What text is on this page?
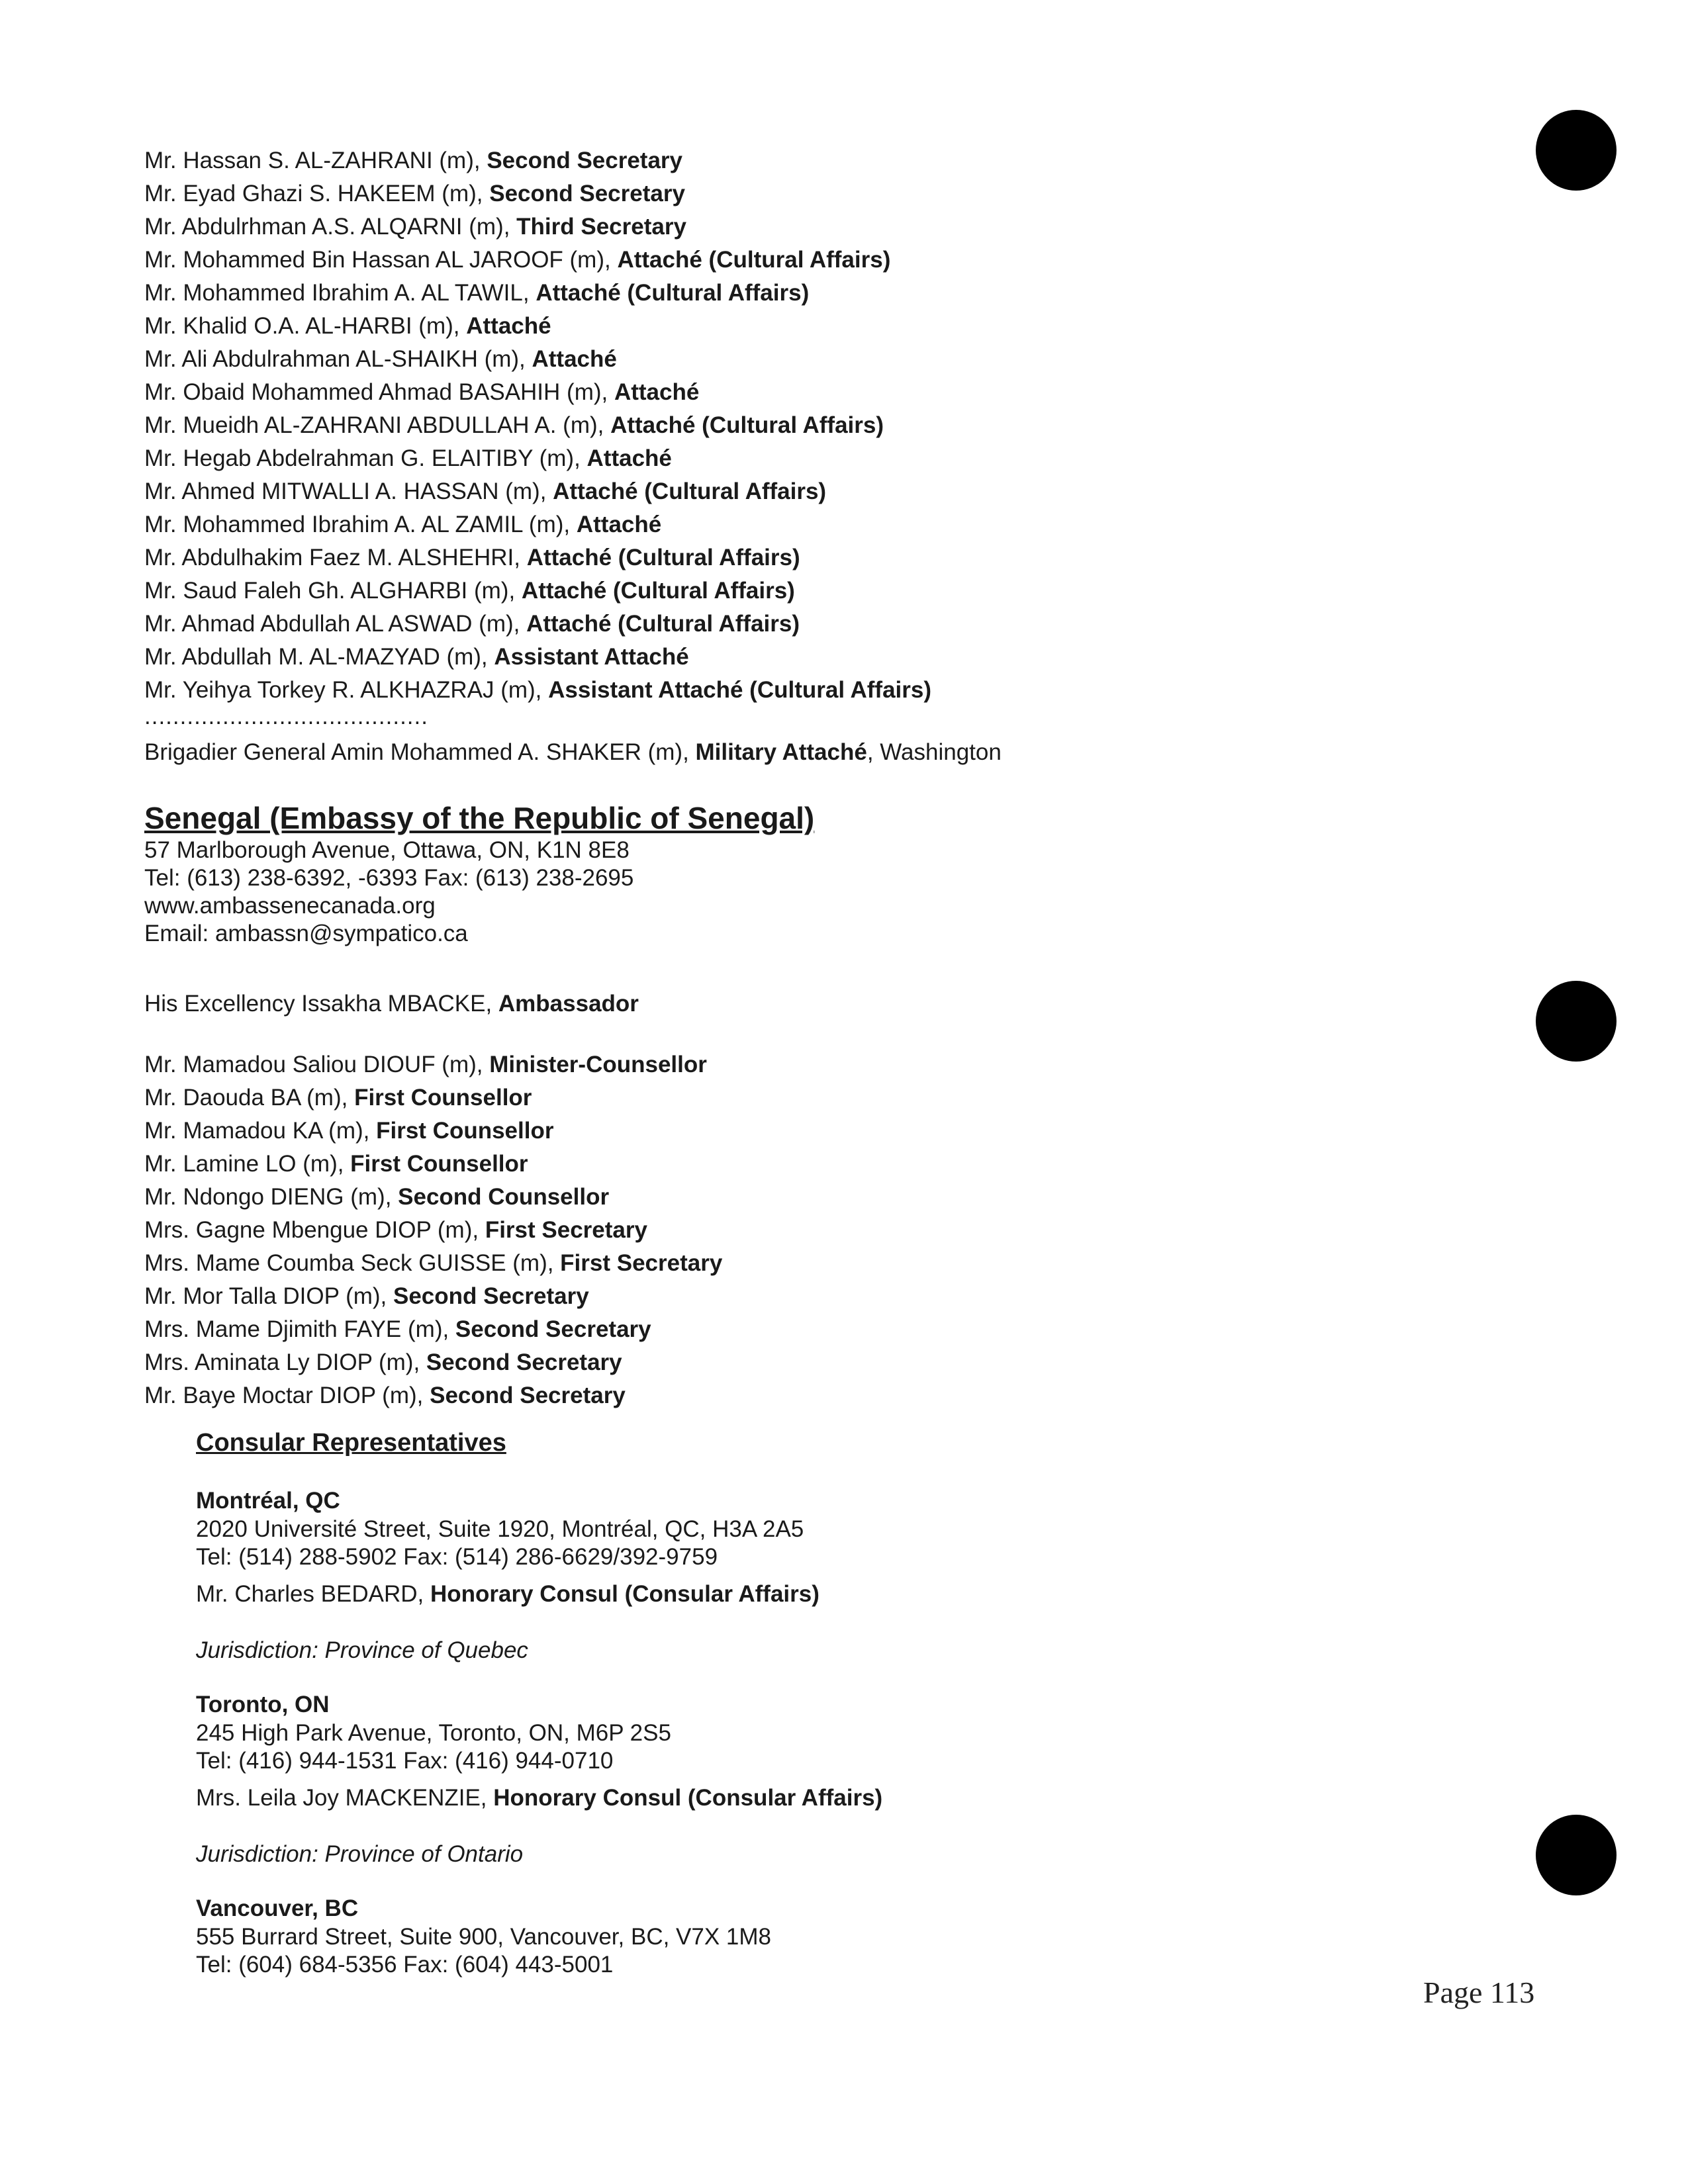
Mr. Hassan S. AL-ZAHRANI (m), Second Secretary
Mr. Eyad Ghazi S. HAKEEM (m), Second Secretary
Mr. Abdulrhman A.S. ALQARNI (m), Third Secretary
Mr. Mohammed Bin Hassan AL JAROOF (m), Attaché (Cultural Affairs)
Mr. Mohammed Ibrahim A. AL TAWIL, Attaché (Cultural Affairs)
Mr. Khalid O.A. AL-HARBI (m), Attaché
Mr. Ali Abdulrahman AL-SHAIKH (m), Attaché
Mr. Obaid Mohammed Ahmad BASAHIH (m), Attaché
Mr. Mueidh AL-ZAHRANI ABDULLAH A. (m), Attaché (Cultural Affairs)
Mr. Hegab Abdelrahman G. ELAITIBY (m), Attaché
Mr. Ahmed MITWALLI A. HASSAN (m), Attaché (Cultural Affairs)
Mr. Mohammed Ibrahim A. AL ZAMIL (m), Attaché
Mr. Abdulhakim Faez M. ALSHEHRI, Attaché (Cultural Affairs)
Mr. Saud Faleh Gh. ALGHARBI (m), Attaché (Cultural Affairs)
Mr. Ahmad Abdullah AL ASWAD (m), Attaché (Cultural Affairs)
Mr. Abdullah M. AL-MAZYAD (m), Assistant Attaché
Mr. Yeihya Torkey R. ALKHAZRAJ (m), Assistant Attaché (Cultural Affairs)
........................................
Brigadier General Amin Mohammed A. SHAKER (m), Military Attaché, Washington
Senegal (Embassy of the Republic of Senegal)
57 Marlborough Avenue, Ottawa, ON, K1N 8E8
Tel: (613) 238-6392, -6393 Fax: (613) 238-2695
www.ambassenecanada.org
Email: ambassn@sympatico.ca
His Excellency Issakha MBACKE, Ambassador
Mr. Mamadou Saliou DIOUF (m), Minister-Counsellor
Mr. Daouda BA (m), First Counsellor
Mr. Mamadou KA (m), First Counsellor
Mr. Lamine LO (m), First Counsellor
Mr. Ndongo DIENG (m), Second Counsellor
Mrs. Gagne Mbengue DIOP (m), First Secretary
Mrs. Mame Coumba Seck GUISSE (m), First Secretary
Mr. Mor Talla DIOP (m), Second Secretary
Mrs. Mame Djimith FAYE (m), Second Secretary
Mrs. Aminata Ly DIOP (m), Second Secretary
Mr. Baye Moctar DIOP (m), Second Secretary
Consular Representatives
Montréal, QC
2020 Université Street, Suite 1920, Montréal, QC, H3A 2A5
Tel: (514) 288-5902 Fax: (514) 286-6629/392-9759
Mr. Charles BEDARD, Honorary Consul (Consular Affairs)
Jurisdiction: Province of Quebec
Toronto, ON
245 High Park Avenue, Toronto, ON, M6P 2S5
Tel: (416) 944-1531 Fax: (416) 944-0710
Mrs. Leila Joy MACKENZIE, Honorary Consul (Consular Affairs)
Jurisdiction: Province of Ontario
Vancouver, BC
555 Burrard Street, Suite 900, Vancouver, BC, V7X 1M8
Tel: (604) 684-5356 Fax: (604) 443-5001
Page 113
